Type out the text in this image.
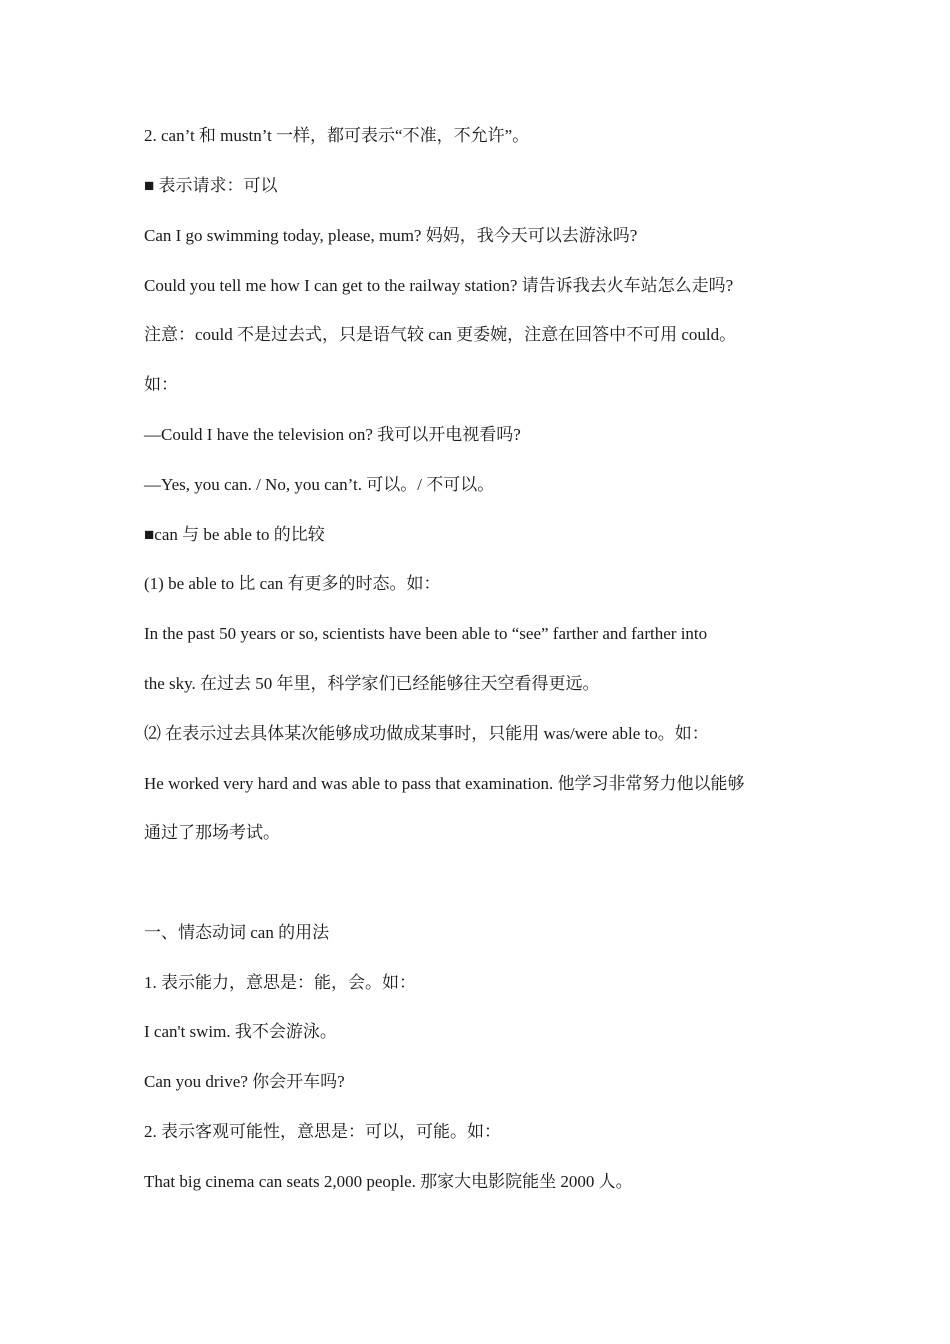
2. can’t 和 mustn’t 一样，都可表示“不准，不允许”。
■ 表示请求：可以
Can I go swimming today, please, mum? 妈妈，我今天可以去游泳吗?
Could you tell me how I can get to the railway station? 请告诉我去火车站怎么走吗?
注意：could 不是过去式，只是语气较 can 更委婉，注意在回答中不可用 could。
如：
—Could I have the television on? 我可以开电视看吗?
—Yes, you can. / No, you can’t. 可以。/ 不可以。
■can 与 be able to 的比较
(1) be able to 比 can 有更多的时态。如：
In the past 50 years or so, scientists have been able to “see” farther and farther into
the sky. 在过去 50 年里，科学家们已经能够往天空看得更远。
⑵ 在表示过去具体某次能够成功做成某事时，只能用 was/were able to。如：
He worked very hard and was able to pass that examination. 他学习非常努力他以能够
通过了那场考试。
一、情态动词 can 的用法
1. 表示能力，意思是：能，会。如：
I can't swim. 我不会游泳。
Can you drive? 你会开车吗?
2. 表示客观可能性，意思是：可以，可能。如：
That big cinema can seats 2,000 people. 那家大电影院能坐 2000 人。
